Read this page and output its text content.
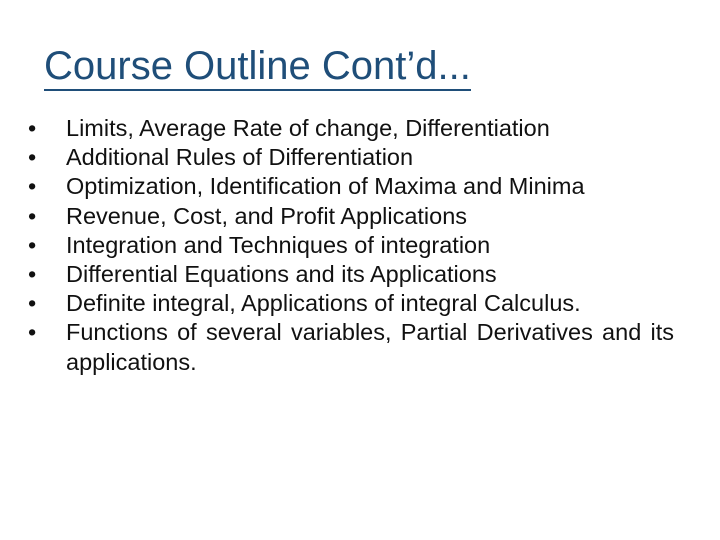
Course Outline Cont’d...
•	Limits, Average Rate of change, Differentiation
•	Additional Rules of Differentiation
•	Optimization, Identification of Maxima and Minima
•	Revenue, Cost, and Profit Applications
•	Integration and Techniques of integration
•	Differential Equations and its Applications
•	Definite integral, Applications of integral Calculus.
•	Functions of several variables, Partial Derivatives and its applications.
